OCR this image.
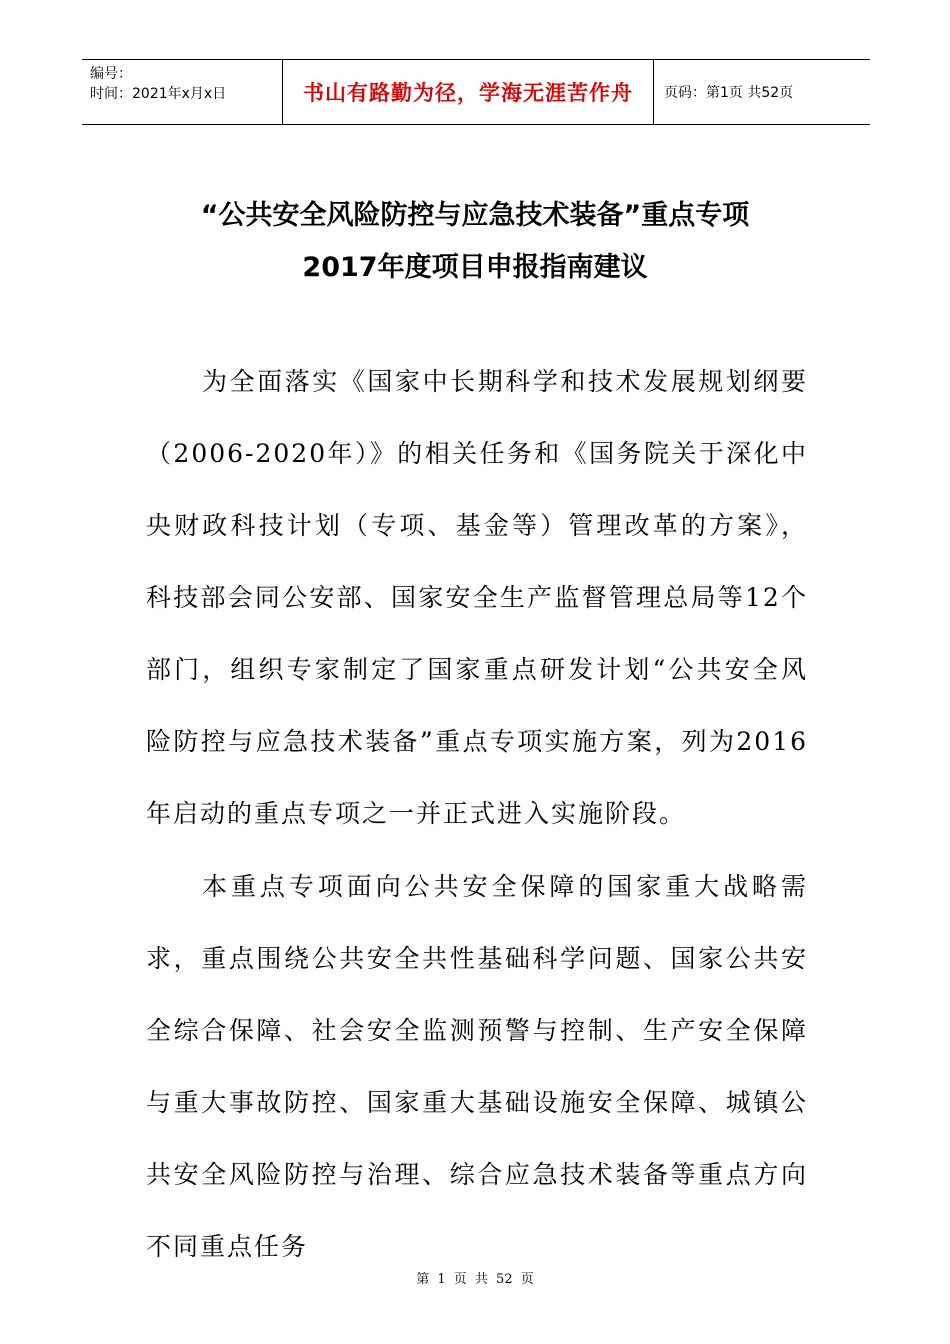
编号：
时间：2021年x月x日	书山有路勤为径，学海无涯苦作舟 页码：第1页 共52页
“公共安全风险防控与应急技术装备”重点专项
2017年度项目申报指南建议

为全面落实《国家中长期科学和技术发展规划纲要（2006-2020年）》的相关任务和《国务院关于深化中央财政科技计划（专项、基金等）管理改革的方案》，科技部会同公安部、国家安全生产监督管理总局等12个部门，组织专家制定了国家重点研发计划“公共安全风险防控与应急技术装备”重点专项实施方案，列为2016年启动的重点专项之一并正式进入实施阶段。

本重点专项面向公共安全保障的国家重大战略需求，重点围绕公共安全共性基础科学问题、国家公共安全综合保障、社会安全监测预警与控制、生产安全保障与重大事故防控、国家重大基础设施安全保障、城镇公共安全风险防控与治理、综合应急技术装备等重点方向不同重点任务

第 1 页 共 52 页
